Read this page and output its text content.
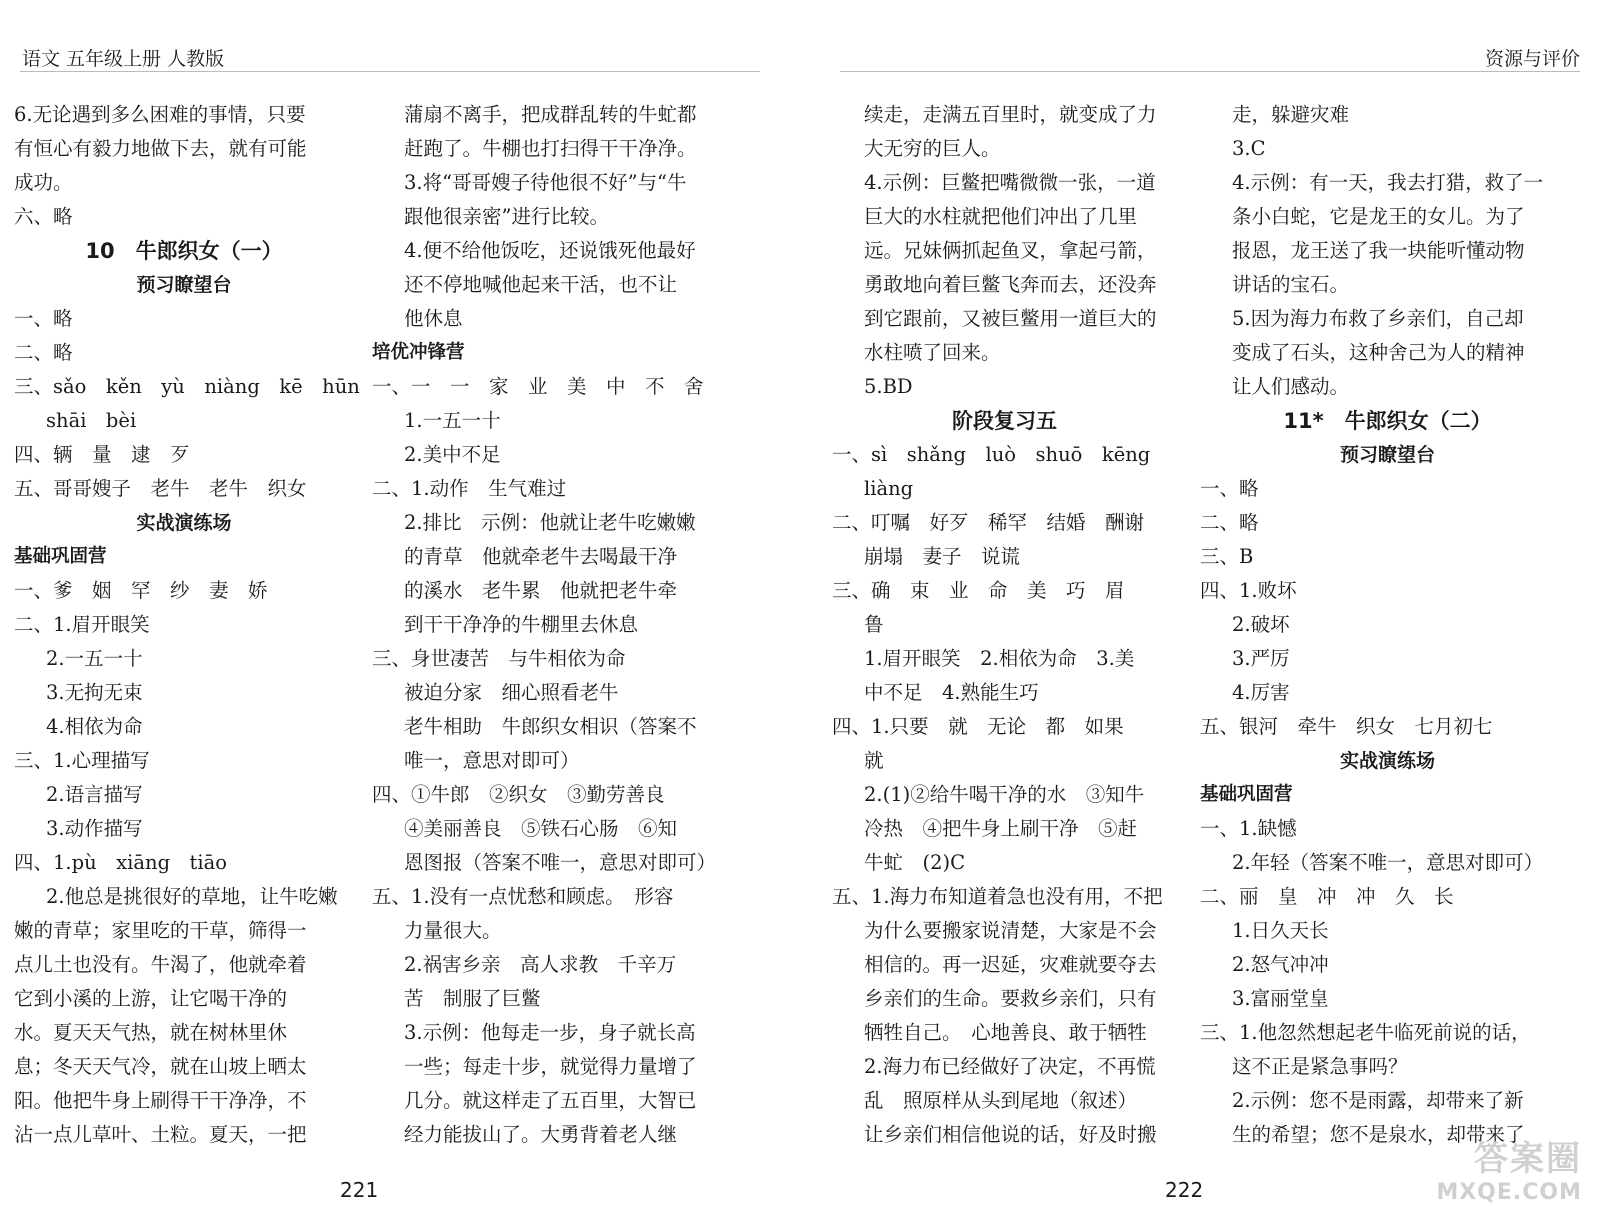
语文 五年级上册 人教版	资源与评价
6.无论遇到多么困难的事情，只要
有恒心有毅力地做下去，就有可能
成功。
六、略
10　牛郎织女（一）
预习瞭望台
一、略
二、略
三、sǎo　kěn　yù　niàng　kē　hūn
shāi　bèi
四、辆　量　逮　歹
五、哥哥嫂子　老牛　老牛　织女
实战演练场
基础巩固营
一、爹　姻　罕　纱　妻　娇
二、1.眉开眼笑
2.一五一十
3.无拘无束
4.相依为命
三、1.心理描写
2.语言描写
3.动作描写
四、1.pù　xiāng　tiāo
2.他总是挑很好的草地，让牛吃嫩
嫩的青草；家里吃的干草，筛得一
点儿土也没有。牛渴了，他就牵着
它到小溪的上游，让它喝干净的
水。夏天天气热，就在树林里休
息；冬天天气冷，就在山坡上晒太
阳。他把牛身上刷得干干净净，不
沾一点儿草叶、土粒。夏天，一把
蒲扇不离手，把成群乱转的牛虻都
赶跑了。牛棚也打扫得干干净净。
3.将“哥哥嫂子待他很不好”与“牛
跟他很亲密”进行比较。
4.便不给他饭吃，还说饿死他最好
还不停地喊他起来干活，也不让
他休息
培优冲锋营
一、一　一　家　业　美　中　不　舍
1.一五一十
2.美中不足
二、1.动作　生气难过
2.排比　示例：他就让老牛吃嫩嫩
的青草　他就牵老牛去喝最干净
的溪水　老牛累　他就把老牛牵
到干干净净的牛棚里去休息
三、身世凄苦　与牛相依为命
被迫分家　细心照看老牛
老牛相助　牛郎织女相识（答案不
唯一，意思对即可）
四、①牛郎　②织女　③勤劳善良
④美丽善良　⑤铁石心肠　⑥知
恩图报（答案不唯一，意思对即可）
五、1.没有一点忧愁和顾虑。　形容
力量很大。
2.祸害乡亲　高人求教　千辛万
苦　制服了巨鳖
3.示例：他每走一步，身子就长高
一些；每走十步，就觉得力量增了
几分。就这样走了五百里，大智已
经力能拔山了。大勇背着老人继
续走，走满五百里时，就变成了力
大无穷的巨人。
4.示例：巨鳖把嘴微微一张，一道
巨大的水柱就把他们冲出了几里
远。兄妹俩抓起鱼叉，拿起弓箭，
勇敢地向着巨鳖飞奔而去，还没奔
到它跟前，又被巨鳖用一道巨大的
水柱喷了回来。
5.BD
阶段复习五
一、sì　shǎng　luò　shuō　kēng
liàng
二、叮嘱　好歹　稀罕　结婚　酬谢
崩塌　妻子　说谎
三、确　束　业　命　美　巧　眉
鲁
1.眉开眼笑　2.相依为命　3.美
中不足　4.熟能生巧
四、1.只要　就　无论　都　如果
就
2.(1)②给牛喝干净的水　③知牛
冷热　④把牛身上刷干净　⑤赶
牛虻　(2)C
五、1.海力布知道着急也没有用，不把
为什么要搬家说清楚，大家是不会
相信的。再一迟延，灾难就要夺去
乡亲们的生命。要救乡亲们，只有
牺牲自己。　心地善良、敢于牺牲
2.海力布已经做好了决定，不再慌
乱　照原样从头到尾地（叙述）
让乡亲们相信他说的话，好及时搬
走，躲避灾难
3.C
4.示例：有一天，我去打猎，救了一
条小白蛇，它是龙王的女儿。为了
报恩，龙王送了我一块能听懂动物
讲话的宝石。
5.因为海力布救了乡亲们，自己却
变成了石头，这种舍己为人的精神
让人们感动。
11*　牛郎织女（二）
预习瞭望台
一、略
二、略
三、B
四、1.败坏
2.破坏
3.严厉
4.厉害
五、银河　牵牛　织女　七月初七
实战演练场
基础巩固营
一、1.缺憾
2.年轻（答案不唯一，意思对即可）
二、丽　皇　冲　冲　久　长
1.日久天长
2.怒气冲冲
3.富丽堂皇
三、1.他忽然想起老牛临死前说的话，
这不正是紧急事吗？
2.示例：您不是雨露，却带来了新
生的希望；您不是泉水，却带来了
221	222
答案圈
MXQE.COM
